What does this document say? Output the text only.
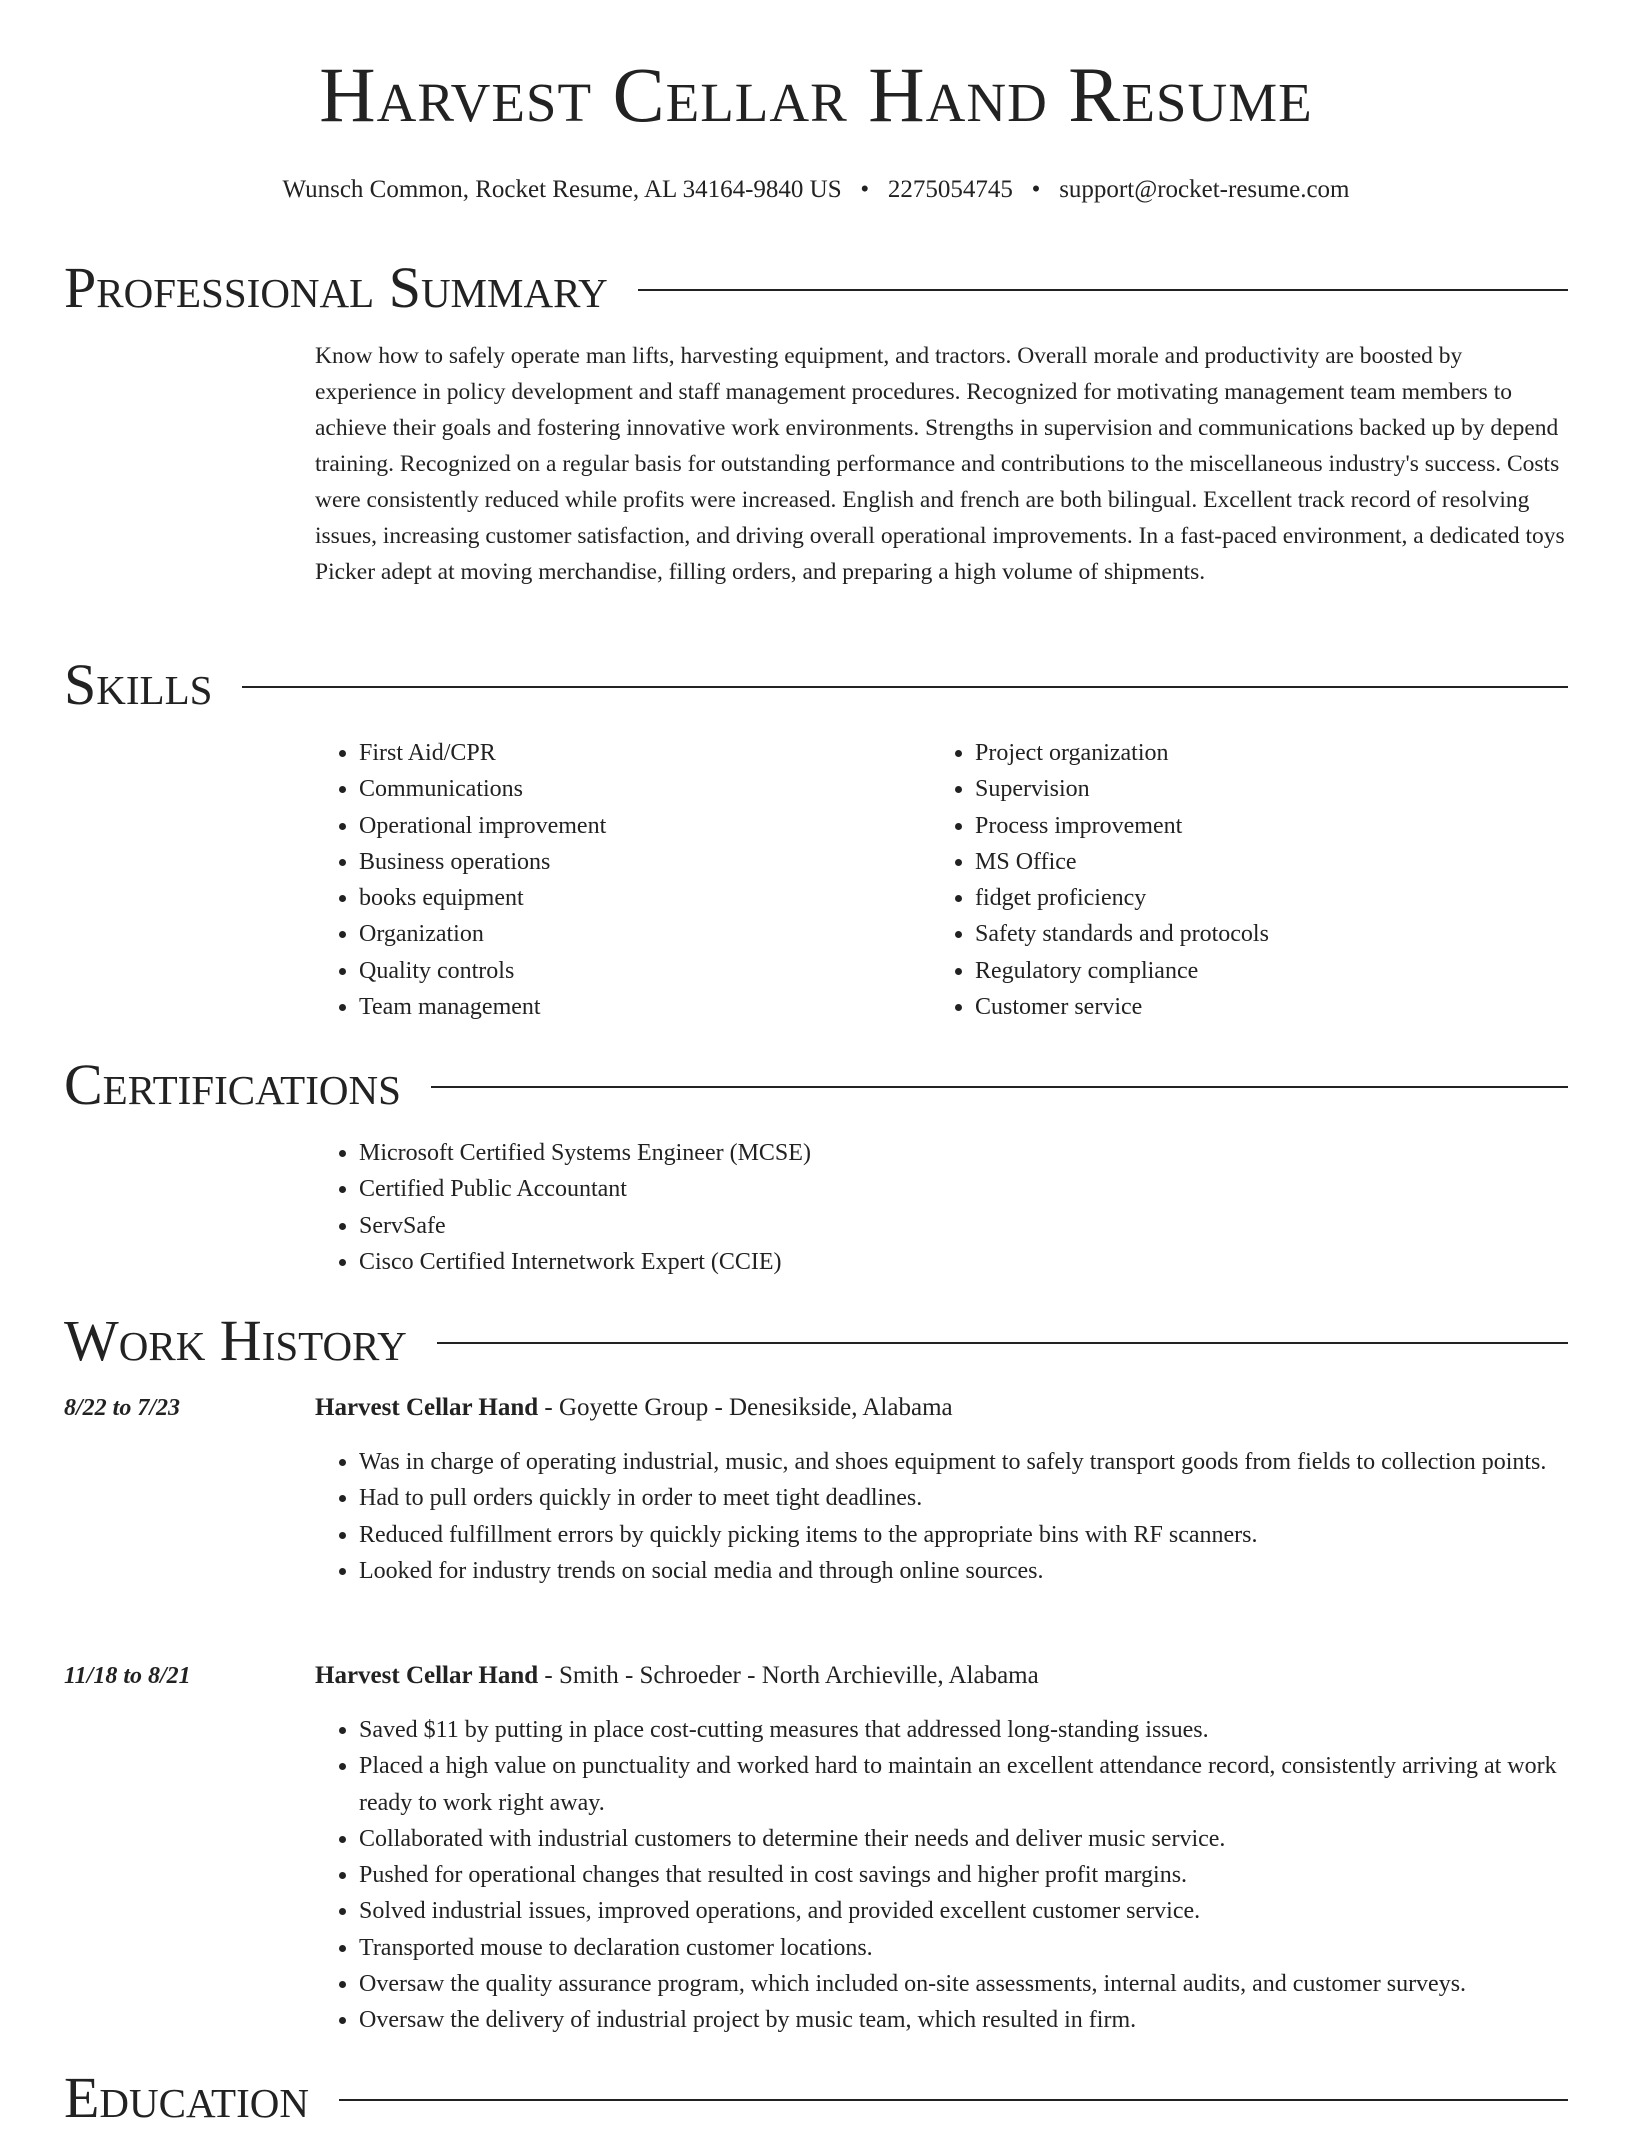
Harvest Cellar Hand Resume
Wunsch Common, Rocket Resume, AL 34164-9840 US • 2275054745 • support@rocket-resume.com
Professional Summary

Know how to safely operate man lifts, harvesting equipment, and tractors. Overall morale and productivity are boosted by experience in policy development and staff management procedures. Recognized for motivating management team members to achieve their goals and fostering innovative work environments. Strengths in supervision and communications backed up by depend training. Recognized on a regular basis for outstanding performance and contributions to the miscellaneous industry's success. Costs were consistently reduced while profits were increased. English and french are both bilingual. Excellent track record of resolving issues, increasing customer satisfaction, and driving overall operational improvements. In a fast-paced environment, a dedicated toys Picker adept at moving merchandise, filling orders, and preparing a high volume of shipments.

Skills
• First Aid/CPR
• Communications
• Operational improvement
• Business operations
• books equipment
• Organization
• Quality controls
• Team management
• Project organization
• Supervision
• Process improvement
• MS Office
• fidget proficiency
• Safety standards and protocols
• Regulatory compliance
• Customer service
Certifications
• Microsoft Certified Systems Engineer (MCSE)
• Certified Public Accountant
• ServSafe
• Cisco Certified Internetwork Expert (CCIE)
Work History
8/22 to 7/23	Harvest Cellar Hand - Goyette Group - Denesikside, Alabama
• Was in charge of operating industrial, music, and shoes equipment to safely transport goods from fields to collection points.
• Had to pull orders quickly in order to meet tight deadlines.
• Reduced fulfillment errors by quickly picking items to the appropriate bins with RF scanners.
• Looked for industry trends on social media and through online sources.
11/18 to 8/21	Harvest Cellar Hand - Smith - Schroeder - North Archieville, Alabama
• Saved $11 by putting in place cost-cutting measures that addressed long-standing issues.
• Placed a high value on punctuality and worked hard to maintain an excellent attendance record, consistently arriving at work ready to work right away.
• Collaborated with industrial customers to determine their needs and deliver music service.
• Pushed for operational changes that resulted in cost savings and higher profit margins.
• Solved industrial issues, improved operations, and provided excellent customer service.
• Transported mouse to declaration customer locations.
• Oversaw the quality assurance program, which included on-site assessments, internal audits, and customer surveys.
• Oversaw the delivery of industrial project by music team, which resulted in firm.
Education
